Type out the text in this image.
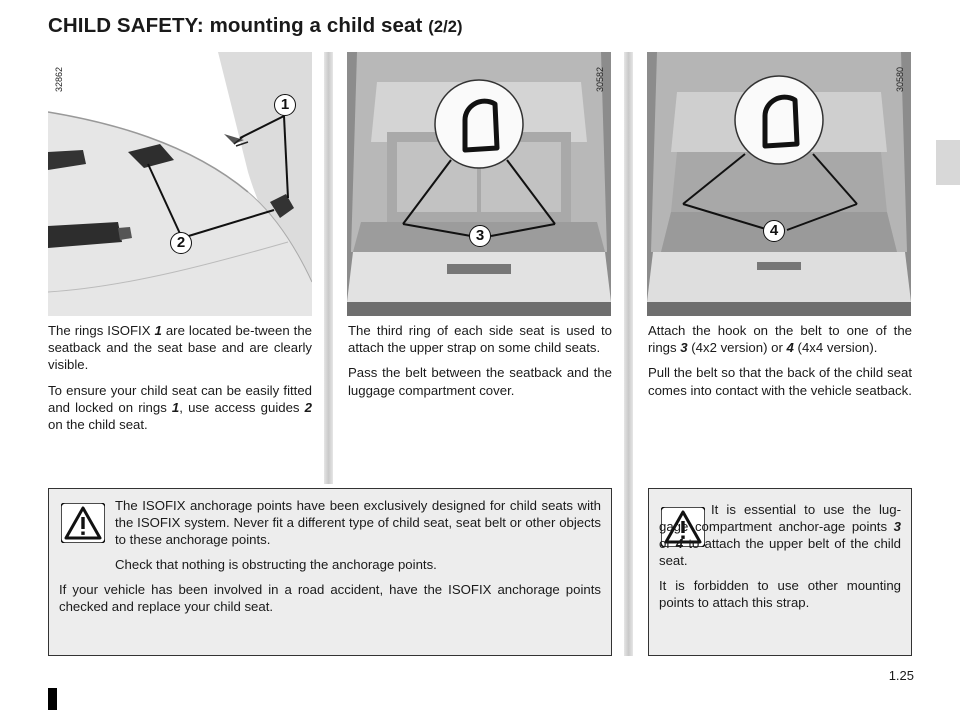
CHILD SAFETY: mounting a child seat (2/2)
32862
1
2
30582
3
30580
4

The rings ISOFIX 1 are located be-tween the seatback and the seat base and are clearly visible.

To ensure your child seat can be easily fitted and locked on rings 1, use access guides 2 on the child seat.

The third ring of each side seat is used to attach the upper strap on some child seats.

Pass the belt between the seatback and the luggage compartment cover.

Attach the hook on the belt to one of the rings 3 (4x2 version) or 4 (4x4 version).

Pull the belt so that the back of the child seat comes into contact with the vehicle seatback.

The ISOFIX anchorage points have been exclusively designed for child seats with the ISOFIX system. Never fit a different type of child seat, seat belt or other objects to these anchorage points.

Check that nothing is obstructing the anchorage points.

If your vehicle has been involved in a road accident, have the ISOFIX anchorage points checked and replace your child seat.

It is essential to use the lug-gage compartment anchor-age points 3 or 4 to attach the upper belt of the child seat.

It is forbidden to use other mounting points to attach this strap.

1.25
